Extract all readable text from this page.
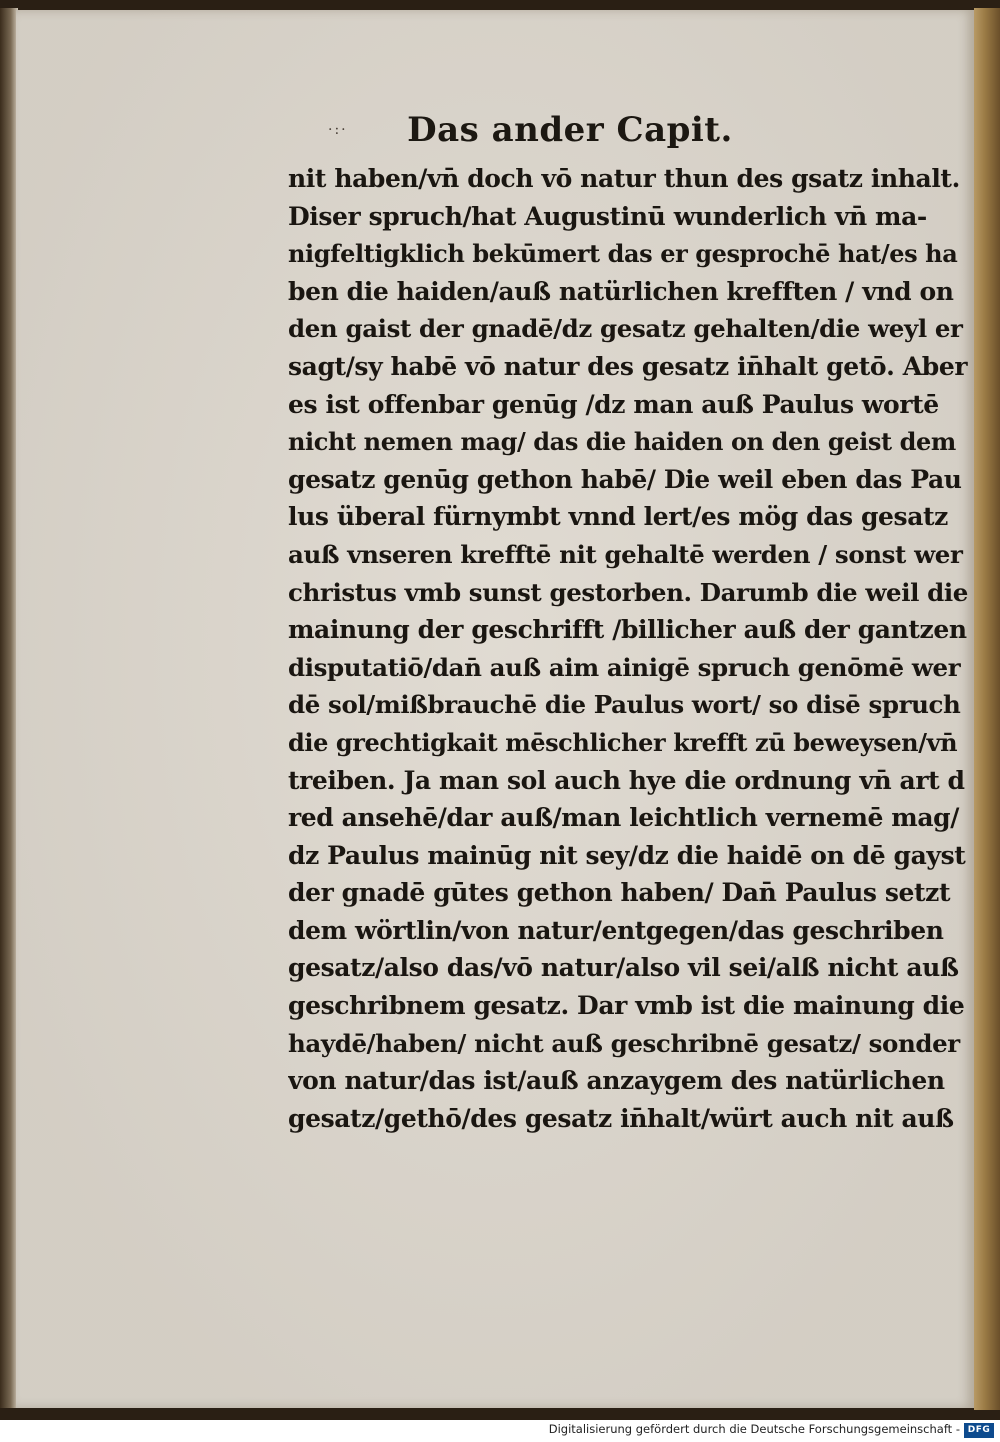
·:·	Das ander Capit.
nit haben/vn̄ doch vō natur thun des gsatz inhalt.
Diser spruch/hat Augustinū wunderlich vn̄ ma-
nigfeltigklich bekūmert das er gesprochē hat/es ha
ben die haiden/auß natürlichen krefften / vnd on
den gaist der gnadē/dz gesatz gehalten/die weyl er
sagt/sy habē vō natur des gesatz in̄halt getō. Aber
es ist offenbar genūg /dz man auß Paulus wortē
nicht nemen mag/ das die haiden on den geist dem
gesatz genūg gethon habē/ Die weil eben das Pau
lus überal fürnymbt vnnd lert/es mög das gesatz
auß vnseren krefftē nit gehaltē werden / sonst wer
christus vmb sunst gestorben. Darumb die weil die
mainung der geschrifft /billicher auß der gantzen
disputatiō/dan̄ auß aim ainigē spruch genōmē wer
dē sol/mißbrauchē die Paulus wort/ so disē spruch
die grechtigkait mēschlicher krefft zū beweysen/vn̄
treiben. Ja man sol auch hye die ordnung vn̄ art d
red ansehē/dar auß/man leichtlich vernemē mag/
dz Paulus mainūg nit sey/dz die haidē on dē gayst
der gnadē gūtes gethon haben/ Dan̄ Paulus setzt
dem wörtlin/von natur/entgegen/das geschriben
gesatz/also das/vō natur/also vil sei/alß nicht auß
geschribnem gesatz. Dar vmb ist die mainung die
haydē/haben/ nicht auß geschribnē gesatz/ sonder
von natur/das ist/auß anzaygem des natürlichen
gesatz/gethō/des gesatz in̄halt/würt auch nit auß
Digitalisierung gefördert durch die Deutsche Forschungsgemeinschaft - DFG
